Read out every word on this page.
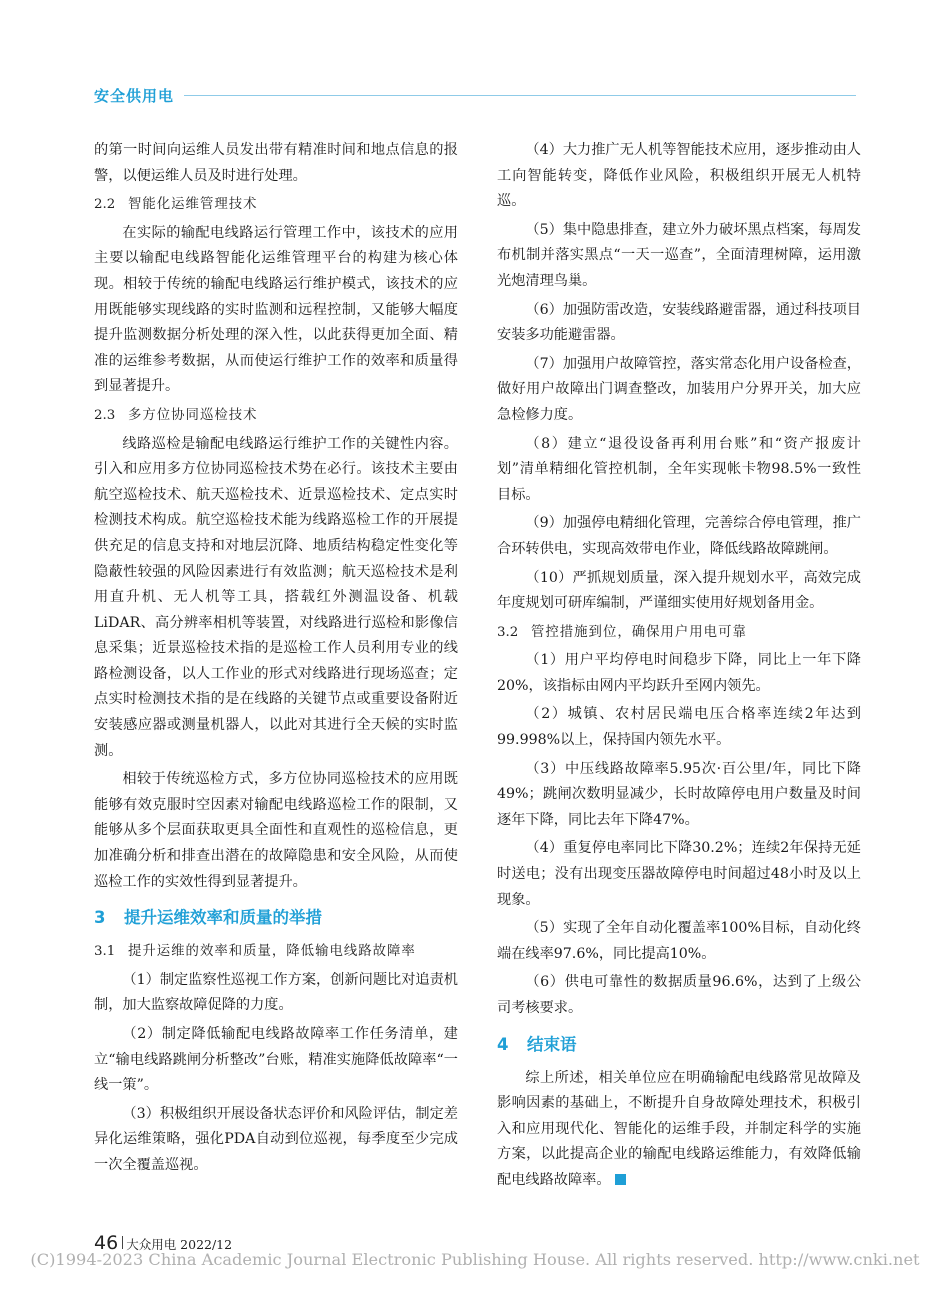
安全供用电

的第一时间向运维人员发出带有精准时间和地点信息的报警，以便运维人员及时进行处理。

2.2 智能化运维管理技术

在实际的输配电线路运行管理工作中，该技术的应用主要以输配电线路智能化运维管理平台的构建为核心体现。相较于传统的输配电线路运行维护模式，该技术的应用既能够实现线路的实时监测和远程控制，又能够大幅度提升监测数据分析处理的深入性，以此获得更加全面、精准的运维参考数据，从而使运行维护工作的效率和质量得到显著提升。

2.3 多方位协同巡检技术

线路巡检是输配电线路运行维护工作的关键性内容。引入和应用多方位协同巡检技术势在必行。该技术主要由航空巡检技术、航天巡检技术、近景巡检技术、定点实时检测技术构成。航空巡检技术能为线路巡检工作的开展提供充足的信息支持和对地层沉降、地质结构稳定性变化等隐蔽性较强的风险因素进行有效监测；航天巡检技术是利用直升机、无人机等工具，搭载红外测温设备、机载LiDAR、高分辨率相机等装置，对线路进行巡检和影像信息采集；近景巡检技术指的是巡检工作人员利用专业的线路检测设备，以人工作业的形式对线路进行现场巡查；定点实时检测技术指的是在线路的关键节点或重要设备附近安装感应器或测量机器人，以此对其进行全天候的实时监测。

相较于传统巡检方式，多方位协同巡检技术的应用既能够有效克服时空因素对输配电线路巡检工作的限制，又能够从多个层面获取更具全面性和直观性的巡检信息，更加准确分析和排查出潜在的故障隐患和安全风险，从而使巡检工作的实效性得到显著提升。

3 提升运维效率和质量的举措

3.1 提升运维的效率和质量，降低输电线路故障率

（1）制定监察性巡视工作方案，创新问题比对追责机制，加大监察故障促降的力度。

（2）制定降低输配电线路故障率工作任务清单，建立“输电线路跳闸分析整改”台账，精准实施降低故障率“一线一策”。

（3）积极组织开展设备状态评价和风险评估，制定差异化运维策略，强化PDA自动到位巡视，每季度至少完成一次全覆盖巡视。

（4）大力推广无人机等智能技术应用，逐步推动由人工向智能转变，降低作业风险，积极组织开展无人机特巡。

（5）集中隐患排查，建立外力破坏黑点档案，每周发布机制并落实黑点“一天一巡查”，全面清理树障，运用激光炮清理鸟巢。

（6）加强防雷改造，安装线路避雷器，通过科技项目安装多功能避雷器。

（7）加强用户故障管控，落实常态化用户设备检查，做好用户故障出门调查整改，加装用户分界开关，加大应急检修力度。

（8）建立“退役设备再利用台账”和“资产报废计划”清单精细化管控机制，全年实现帐卡物98.5%一致性目标。

（9）加强停电精细化管理，完善综合停电管理，推广合环转供电，实现高效带电作业，降低线路故障跳闸。

（10）严抓规划质量，深入提升规划水平，高效完成年度规划可研库编制，严谨细实使用好规划备用金。

3.2 管控措施到位，确保用户用电可靠

（1）用户平均停电时间稳步下降，同比上一年下降20%，该指标由网内平均跃升至网内领先。

（2）城镇、农村居民端电压合格率连续2年达到99.998%以上，保持国内领先水平。

（3）中压线路故障率5.95次·百公里/年，同比下降49%；跳闸次数明显减少，长时故障停电用户数量及时间逐年下降，同比去年下降47%。

（4）重复停电率同比下降30.2%；连续2年保持无延时送电；没有出现变压器故障停电时间超过48小时及以上现象。

（5）实现了全年自动化覆盖率100%目标，自动化终端在线率97.6%，同比提高10%。

（6）供电可靠性的数据质量96.6%，达到了上级公司考核要求。

4 结束语

综上所述，相关单位应在明确输配电线路常见故障及影响因素的基础上，不断提升自身故障处理技术，积极引入和应用现代化、智能化的运维手段，并制定科学的实施方案，以此提高企业的输配电线路运维能力，有效降低输配电线路故障率。

46 大众用电 2022/12
(C)1994-2023 China Academic Journal Electronic Publishing House. All rights reserved. http://www.cnki.net
